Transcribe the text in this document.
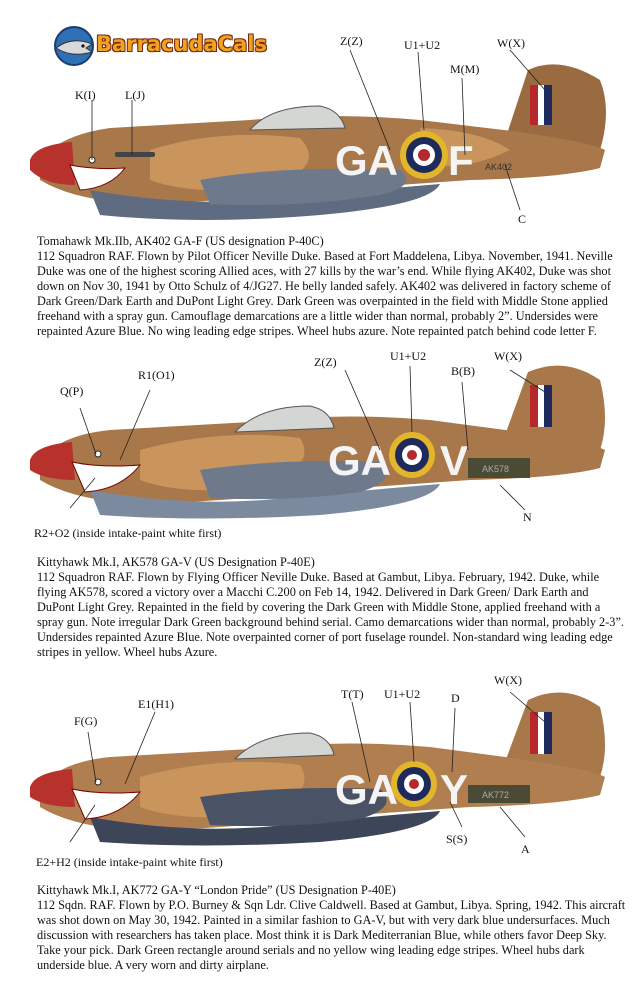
BarracudaCals
GA F AK402
K(I) L(J)
Z(Z)	U1+U2
M(M)
W(X)
C

Tomahawk Mk.IIb, AK402 GA-F (US designation P-40C)

112 Squadron RAF. Flown by Pilot Officer Neville Duke. Based at Fort Maddelena, Libya. November, 1941. Neville Duke was one of the highest scoring Allied aces, with 27 kills by the war’s end. While flying AK402, Duke was shot down on Nov 30, 1941 by Otto Schulz of 4/JG27. He belly landed safely. AK402 was delivered in factory scheme of Dark Green/Dark Earth and DuPont Light Grey. Dark Green was overpainted in the field with Middle Stone applied freehand with a spray gun. Camouflage demarcations are a little wider than normal, probably 2”. Undersides were repainted Azure Blue. No wing leading edge stripes. Wheel hubs azure. Note repainted patch behind code letter F.

GA V AK578
Q(P)
R1(O1)
Z(Z)	U1+U2
B(B)
W(X)
N
R2+O2 (inside intake-paint white first)

Kittyhawk Mk.I, AK578 GA-V (US Designation P-40E)

112 Squadron RAF. Flown by Flying Officer Neville Duke. Based at Gambut, Libya. February, 1942. Duke, while flying AK578, scored a victory over a Macchi C.200 on Feb 14, 1942. Delivered in Dark Green/ Dark Earth and DuPont Light Grey. Repainted in the field by covering the Dark Green with Middle Stone, applied freehand with a spray gun. Note irregular Dark Green background behind serial. Camo demarcations wider than normal, probably 2-3”. Undersides repainted Azure Blue. Note overpainted corner of port fuselage roundel. Non-standard wing leading edge stripes in yellow. Wheel hubs Azure.

GA Y AK772
F(G)
E1(H1)
T(T) U1+U2	D
W(X)
S(S)
A
E2+H2 (inside intake-paint white first)

Kittyhawk Mk.I, AK772 GA-Y “London Pride” (US Designation P-40E)

112 Sqdn. RAF. Flown by P.O. Burney & Sqn Ldr. Clive Caldwell. Based at Gambut, Libya. Spring, 1942. This aircraft was shot down on May 30, 1942. Painted in a similar fashion to GA-V, but with very dark blue undersurfaces. Much discussion with researchers has taken place. Most think it is Dark Mediterranian Blue, while others favor Deep Sky. Take your pick. Dark Green rectangle around serials and no yellow wing leading edge stripes. Wheel hubs dark underside blue. A very worn and dirty airplane.
